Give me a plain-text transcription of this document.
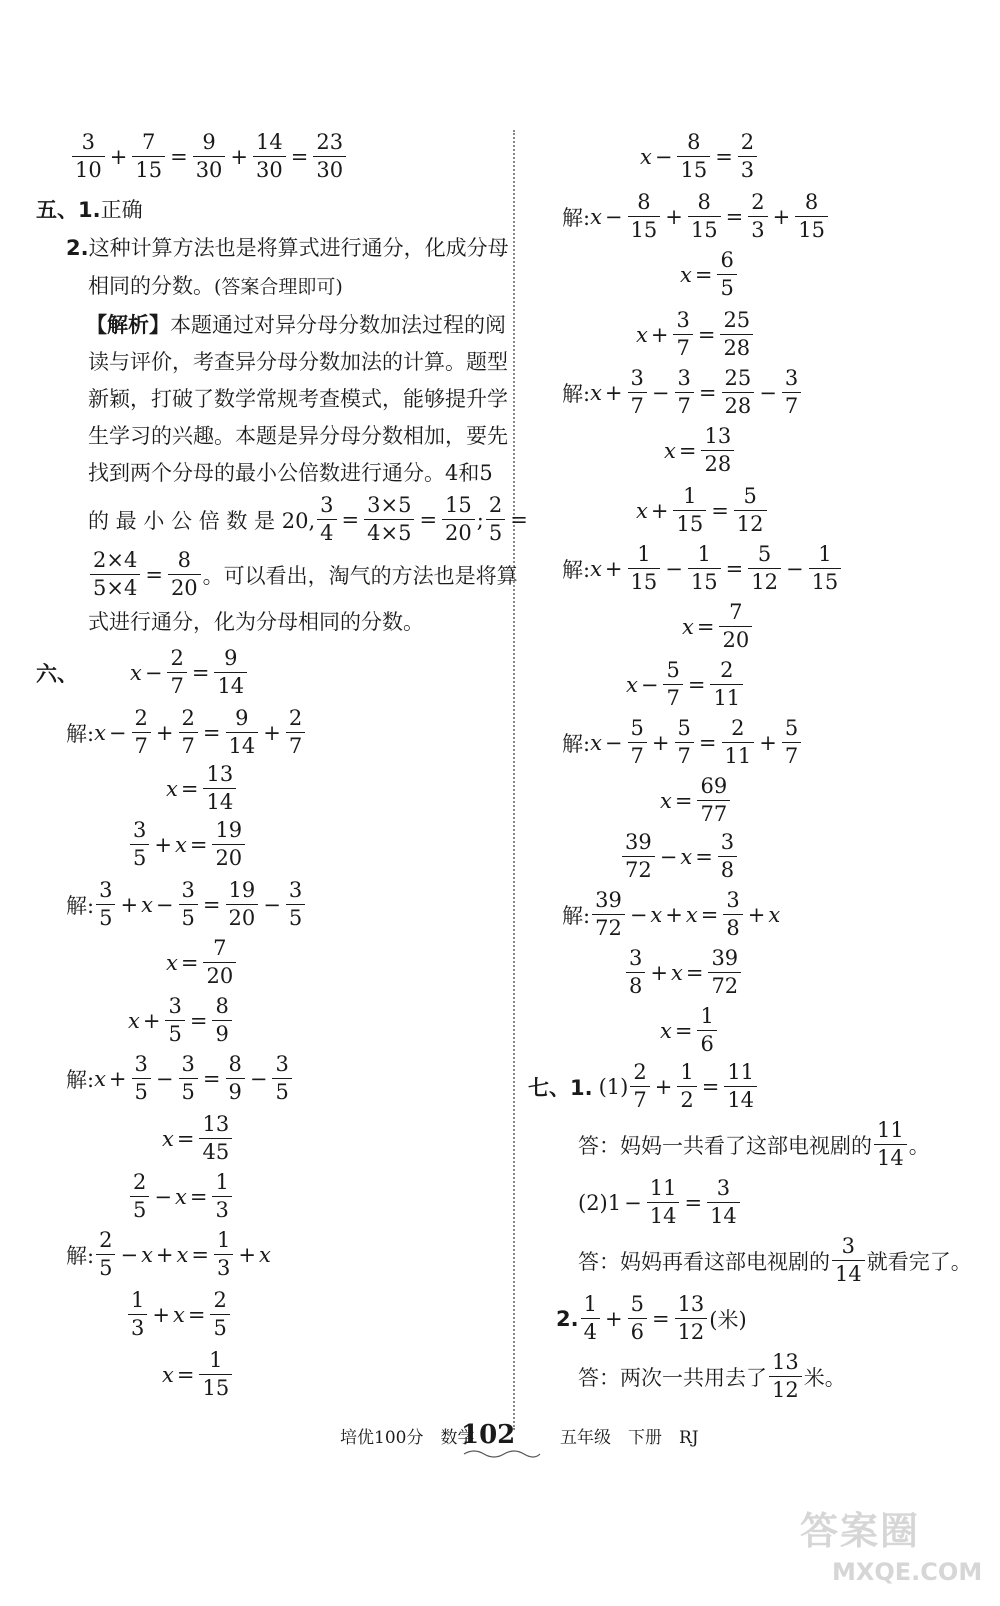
$\frac{3}{10} + \frac{7}{15} = \frac{9}{30} + \frac{14}{30} = \frac{23}{30}$
五、1.正确
2.这种计算方法也是将算式进行通分，化成分母
相同的分数。(答案合理即可)
【解析】本题通过对异分母分数加法过程的阅
读与评价，考查异分母分数加法的计算。题型
新颖，打破了数学常规考查模式，能够提升学
生学习的兴趣。本题是异分母分数相加，要先
找到两个分母的最小公倍数进行通分。4和5
的 最 小 公 倍 数 是 20, $\frac{3}{4} = \frac{3\times 5}{4\times 5} = \frac{15}{20}$ ; $\frac{2}{5}$ =
$\frac{2\times 4}{5\times 4} = \frac{8}{20}$ 。可以看出，淘气的方法也是将算
式进行通分，化为分母相同的分数。
六、 $x - \frac{2}{7} = \frac{9}{14}$
解: $x - \frac{2}{7} + \frac{2}{7} = \frac{9}{14} + \frac{2}{7}$
$x = \frac{13}{14}$
$\frac{3}{5} + x = \frac{19}{20}$
解: $\frac{3}{5} + x - \frac{3}{5} = \frac{19}{20} - \frac{3}{5}$
$x = \frac{7}{20}$
$x + \frac{3}{5} = \frac{8}{9}$
解: $x + \frac{3}{5} - \frac{3}{5} = \frac{8}{9} - \frac{3}{5}$
$x = \frac{13}{45}$
$\frac{2}{5} - x = \frac{1}{3}$
解: $\frac{2}{5} - x + x = \frac{1}{3} + x$
$\frac{1}{3} + x = \frac{2}{5}$
$x = \frac{1}{15}$
$x - \frac{8}{15} = \frac{2}{3}$
解: $x - \frac{8}{15} + \frac{8}{15} = \frac{2}{3} + \frac{8}{15}$
$x = \frac{6}{5}$
$x + \frac{3}{7} = \frac{25}{28}$
解: $x + \frac{3}{7} - \frac{3}{7} = \frac{25}{28} - \frac{3}{7}$
$x = \frac{13}{28}$
$x + \frac{1}{15} = \frac{5}{12}$
解: $x + \frac{1}{15} - \frac{1}{15} = \frac{5}{12} - \frac{1}{15}$
$x = \frac{7}{20}$
$x - \frac{5}{7} = \frac{2}{11}$
解: $x - \frac{5}{7} + \frac{5}{7} = \frac{2}{11} + \frac{5}{7}$
$x = \frac{69}{77}$
$\frac{39}{72} - x = \frac{3}{8}$
解: $\frac{39}{72} - x + x = \frac{3}{8} + x$
$\frac{3}{8} + x = \frac{39}{72}$
$x = \frac{1}{6}$
七、1. $(1) \frac{2}{7} + \frac{1}{2} = \frac{11}{14}$
答：妈妈一共看了这部电视剧的 $\frac{11}{14}$ 。
$(2)1 - \frac{11}{14} = \frac{3}{14}$
答：妈妈再看这部电视剧的 $\frac{3}{14}$ 就看完了。
2. $\frac{1}{4} + \frac{5}{6} = \frac{13}{12}$ (米)
答：两次一共用去了 $\frac{13}{12}$ 米。
培优100分　数学
102	五年级　下册　RJ
答案圈
MXQE.COM
